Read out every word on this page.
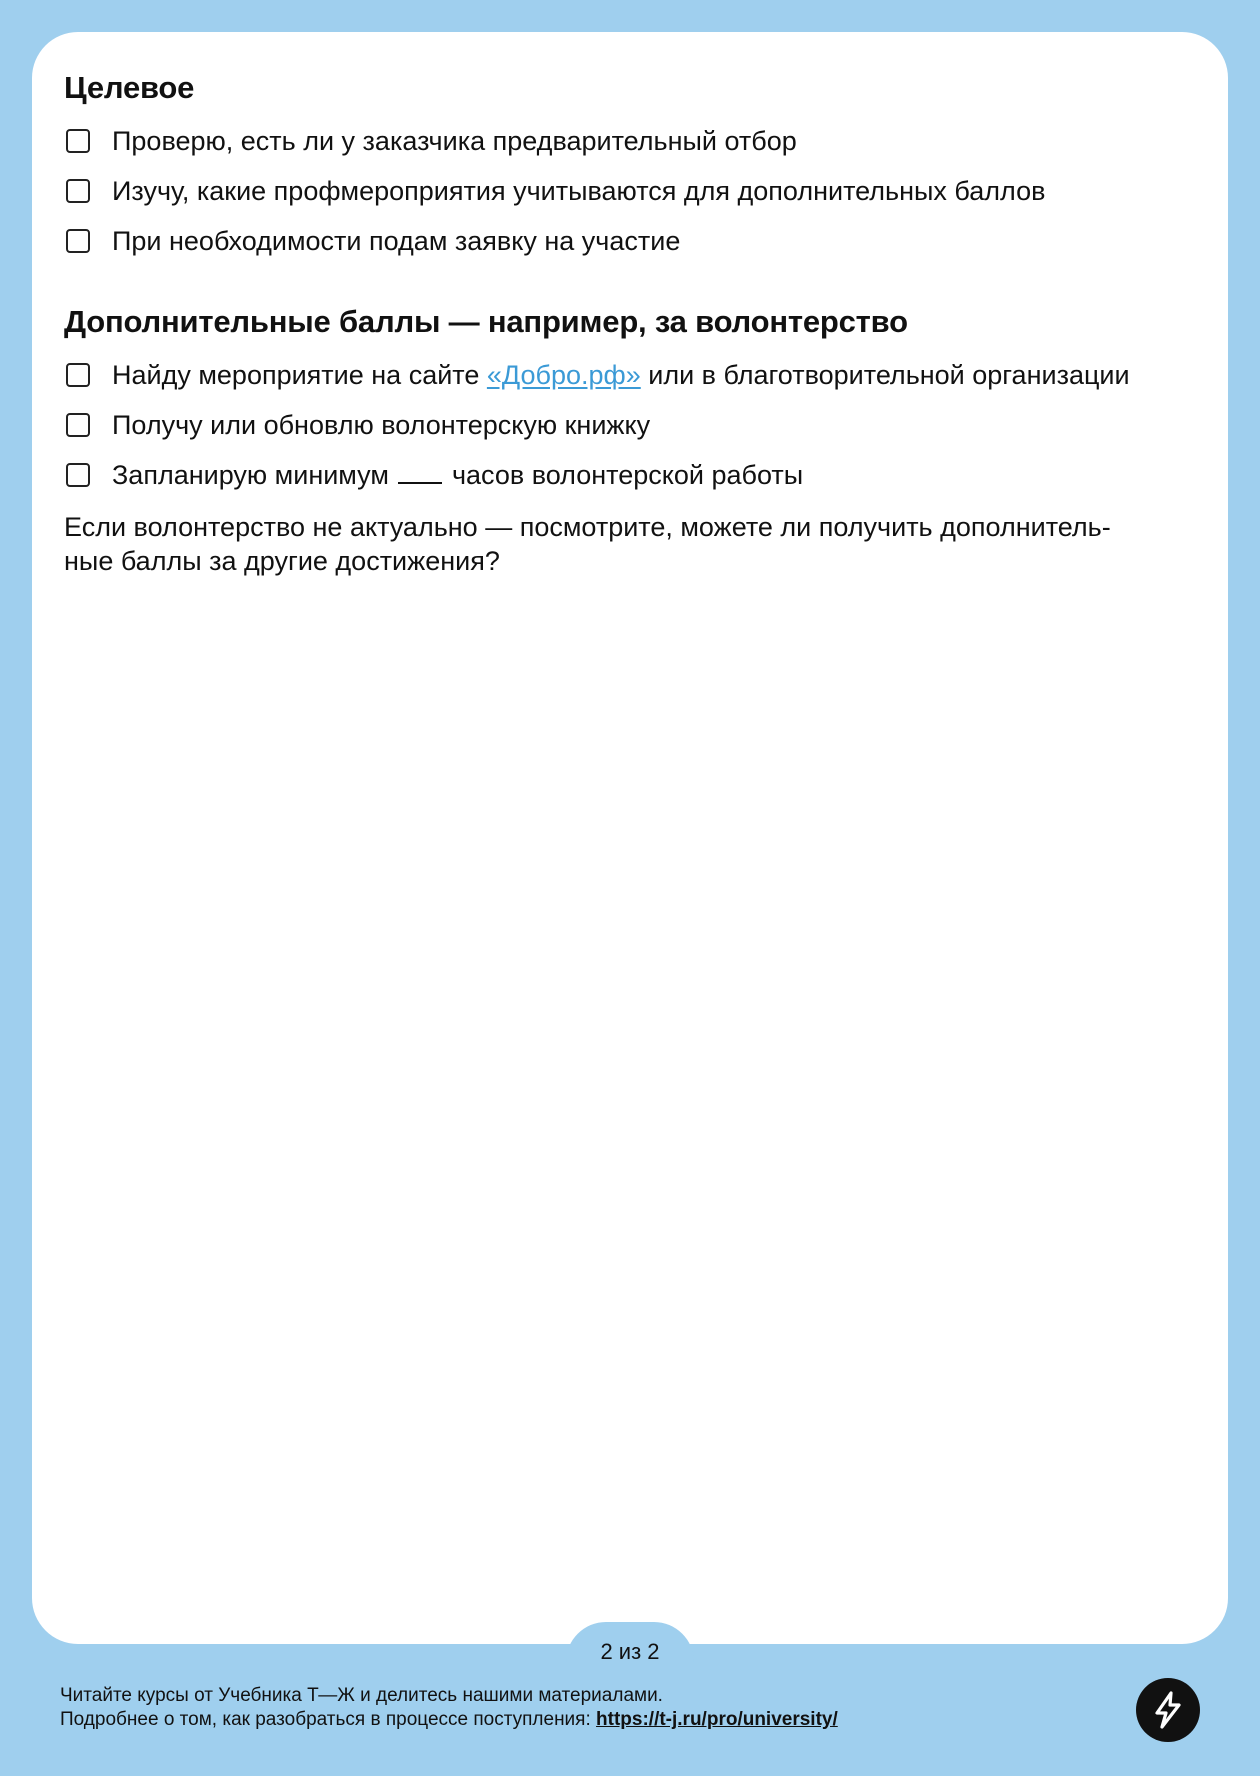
Целевое
Проверю, есть ли у заказчика предварительный отбор
Изучу, какие профмероприятия учитываются для дополнительных баллов
При необходимости подам заявку на участие
Дополнительные баллы — например, за волонтерство
Найду мероприятие на сайте «Добро.рф» или в благотворительной организации
Получу или обновлю волонтерскую книжку
Запланирую минимум часов волонтерской работы
Если волонтерство не актуально — посмотрите, можете ли получить дополнитель-
ные баллы за другие достижения?
2 из 2
Читайте курсы от Учебника Т—Ж и делитесь нашими материалами.
Подробнее о том, как разобраться в процессе поступления: https://t-j.ru/pro/university/
